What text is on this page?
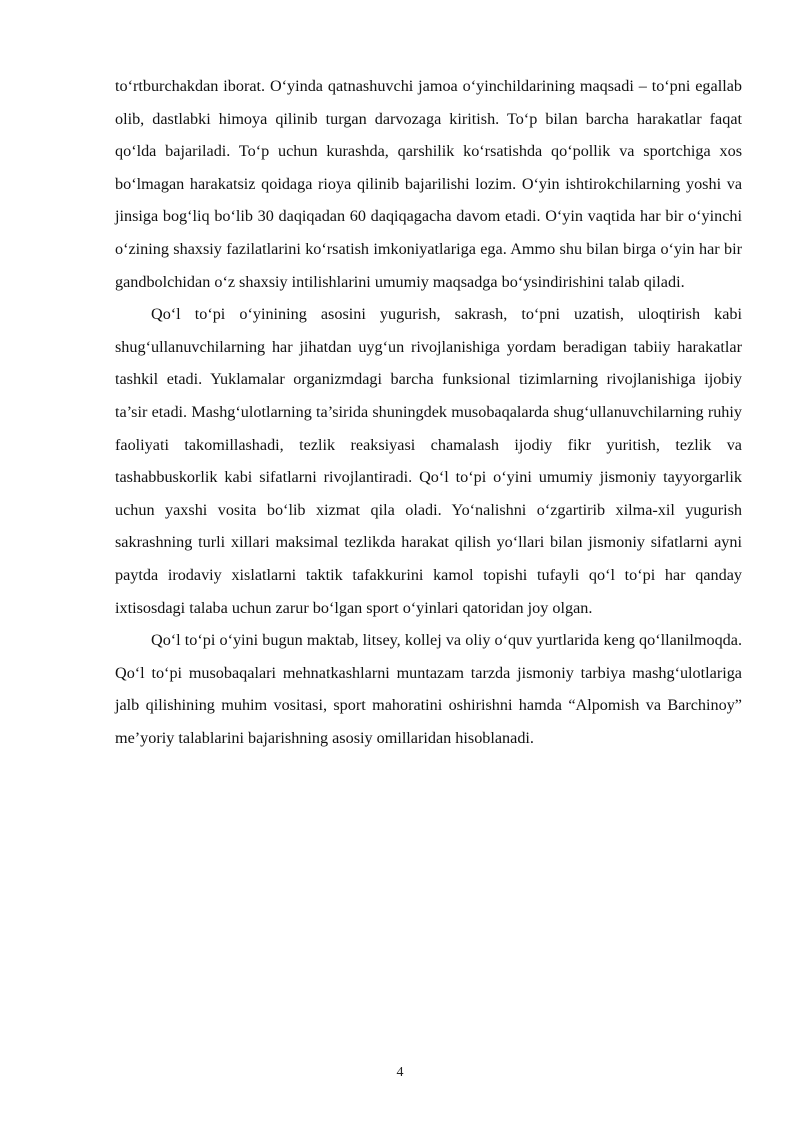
to‘rtburchakdan iborat. O‘yinda qatnashuvchi jamoa o‘yinchildarining maqsadi – to‘pni egallab olib, dastlabki himoya qilinib turgan darvozaga kiritish. To‘p bilan barcha harakatlar faqat qo‘lda bajariladi. To‘p uchun kurashda, qarshilik ko‘rsatishda qo‘pollik va sportchiga xos bo‘lmagan harakatsiz qoidaga rioya qilinib bajarilishi lozim. O‘yin ishtirokchilarning yoshi va jinsiga bog‘liq bo‘lib 30 daqiqadan 60 daqiqagacha davom etadi. O‘yin vaqtida har bir o‘yinchi o‘zining shaxsiy fazilatlarini ko‘rsatish imkoniyatlariga ega. Ammo shu bilan birga o‘yin har bir gandbolchidan o‘z shaxsiy intilishlarini umumiy maqsadga bo‘ysindirishini talab qiladi.

Qo‘l to‘pi o‘yinining asosini yugurish, sakrash, to‘pni uzatish, uloqtirish kabi shug‘ullanuvchilarning har jihatdan uyg‘un rivojlanishiga yordam beradigan tabiiy harakatlar tashkil etadi. Yuklamalar organizmdagi barcha funksional tizimlarning rivojlanishiga ijobiy ta’sir etadi. Mashg‘ulotlarning ta’sirida shuningdek musobaqalarda shug‘ullanuvchilarning ruhiy faoliyati takomillashadi, tezlik reaksiyasi chamalash ijodiy fikr yuritish, tezlik va tashabbuskorlik kabi sifatlarni rivojlantiradi. Qo‘l to‘pi o‘yini umumiy jismoniy tayyorgarlik uchun yaxshi vosita bo‘lib xizmat qila oladi. Yo‘nalishni o‘zgartirib xilma-xil yugurish sakrashning turli xillari maksimal tezlikda harakat qilish yo‘llari bilan jismoniy sifatlarni ayni paytda irodaviy xislatlarni taktik tafakkurini kamol topishi tufayli qo‘l to‘pi har qanday ixtisosdagi talaba uchun zarur bo‘lgan sport o‘yinlari qatoridan joy olgan.

Qo‘l to‘pi o‘yini bugun maktab, litsey, kollej va oliy o‘quv yurtlarida keng qo‘llanilmoqda. Qo‘l to‘pi musobaqalari mehnatkashlarni muntazam tarzda jismoniy tarbiya mashg‘ulotlariga jalb qilishining muhim vositasi, sport mahoratini oshirishni hamda “Alpomish va Barchinoy” me’yoriy talablarini bajarishning asosiy omillaridan hisoblanadi.

4
